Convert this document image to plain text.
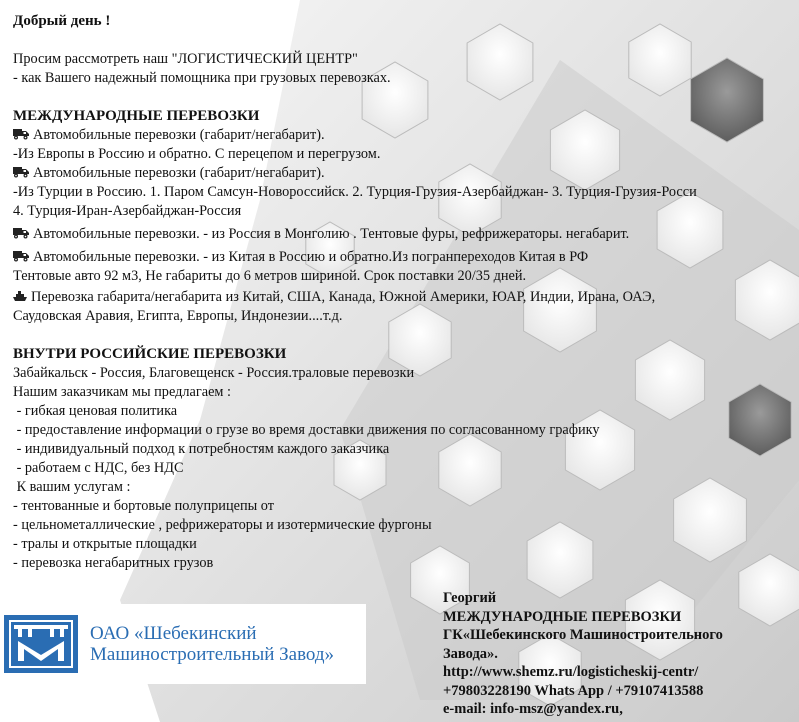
Добрый день !
Просим рассмотреть наш "ЛОГИСТИЧЕСКИЙ ЦЕНТР"
- как Вашего надежный помощника при грузовых перевозках.
МЕЖДУНАРОДНЫЕ ПЕРЕВОЗКИ
Автомобильные перевозки (габарит/негабарит).
-Из Европы в Россию и обратно. С перецепом и перегрузом.
Автомобильные перевозки (габарит/негабарит).
-Из Турции в Россию. 1. Паром Самсун-Новороссийск. 2. Турция-Грузия-Азербайджан- 3. Турция-Грузия-Росси
4. Турция-Иран-Азербайджан-Россия
Автомобильные перевозки. - из Россия в Монголию . Тентовые фуры, рефрижераторы. негабарит.
Автомобильные перевозки. - из Китая в Россию и обратно.Из погранпереходов Китая в РФ
Тентовые авто 92 м3, Не габариты до 6 метров шириной. Срок поставки 20/35 дней.
Перевозка габарита/негабарита из Китай, США, Канада, Южной Америки, ЮАР, Индии, Ирана, ОАЭ,
Саудовская Аравия, Египта, Европы, Индонезии....т.д.
ВНУТРИ РОССИЙСКИЕ ПЕРЕВОЗКИ
Забайкальск - Россия, Благовещенск - Россия.траловые перевозки
Нашим заказчикам мы предлагаем :
- гибкая ценовая политика
- предоставление информации о грузе во время доставки движения по согласованному графику
- индивидуальный подход к потребностям каждого заказчика
- работаем с НДС, без НДС
К вашим услугам :
- тентованные и бортовые полуприцепы от
- цельнометаллические , рефрижераторы и изотермические фургоны
- тралы и открытые площадки
- перевозка негабаритных грузов
ОАО «Шебекинский
Машиностроительный Завод»
Георгий
МЕЖДУНАРОДНЫЕ ПЕРЕВОЗКИ
ГК«Шебекинского Машиностроительного
Завода».
http://www.shemz.ru/logisticheskij-centr/
+79803228190 Whats App / +79107413588
e-mail: info-msz@yandex.ru,
